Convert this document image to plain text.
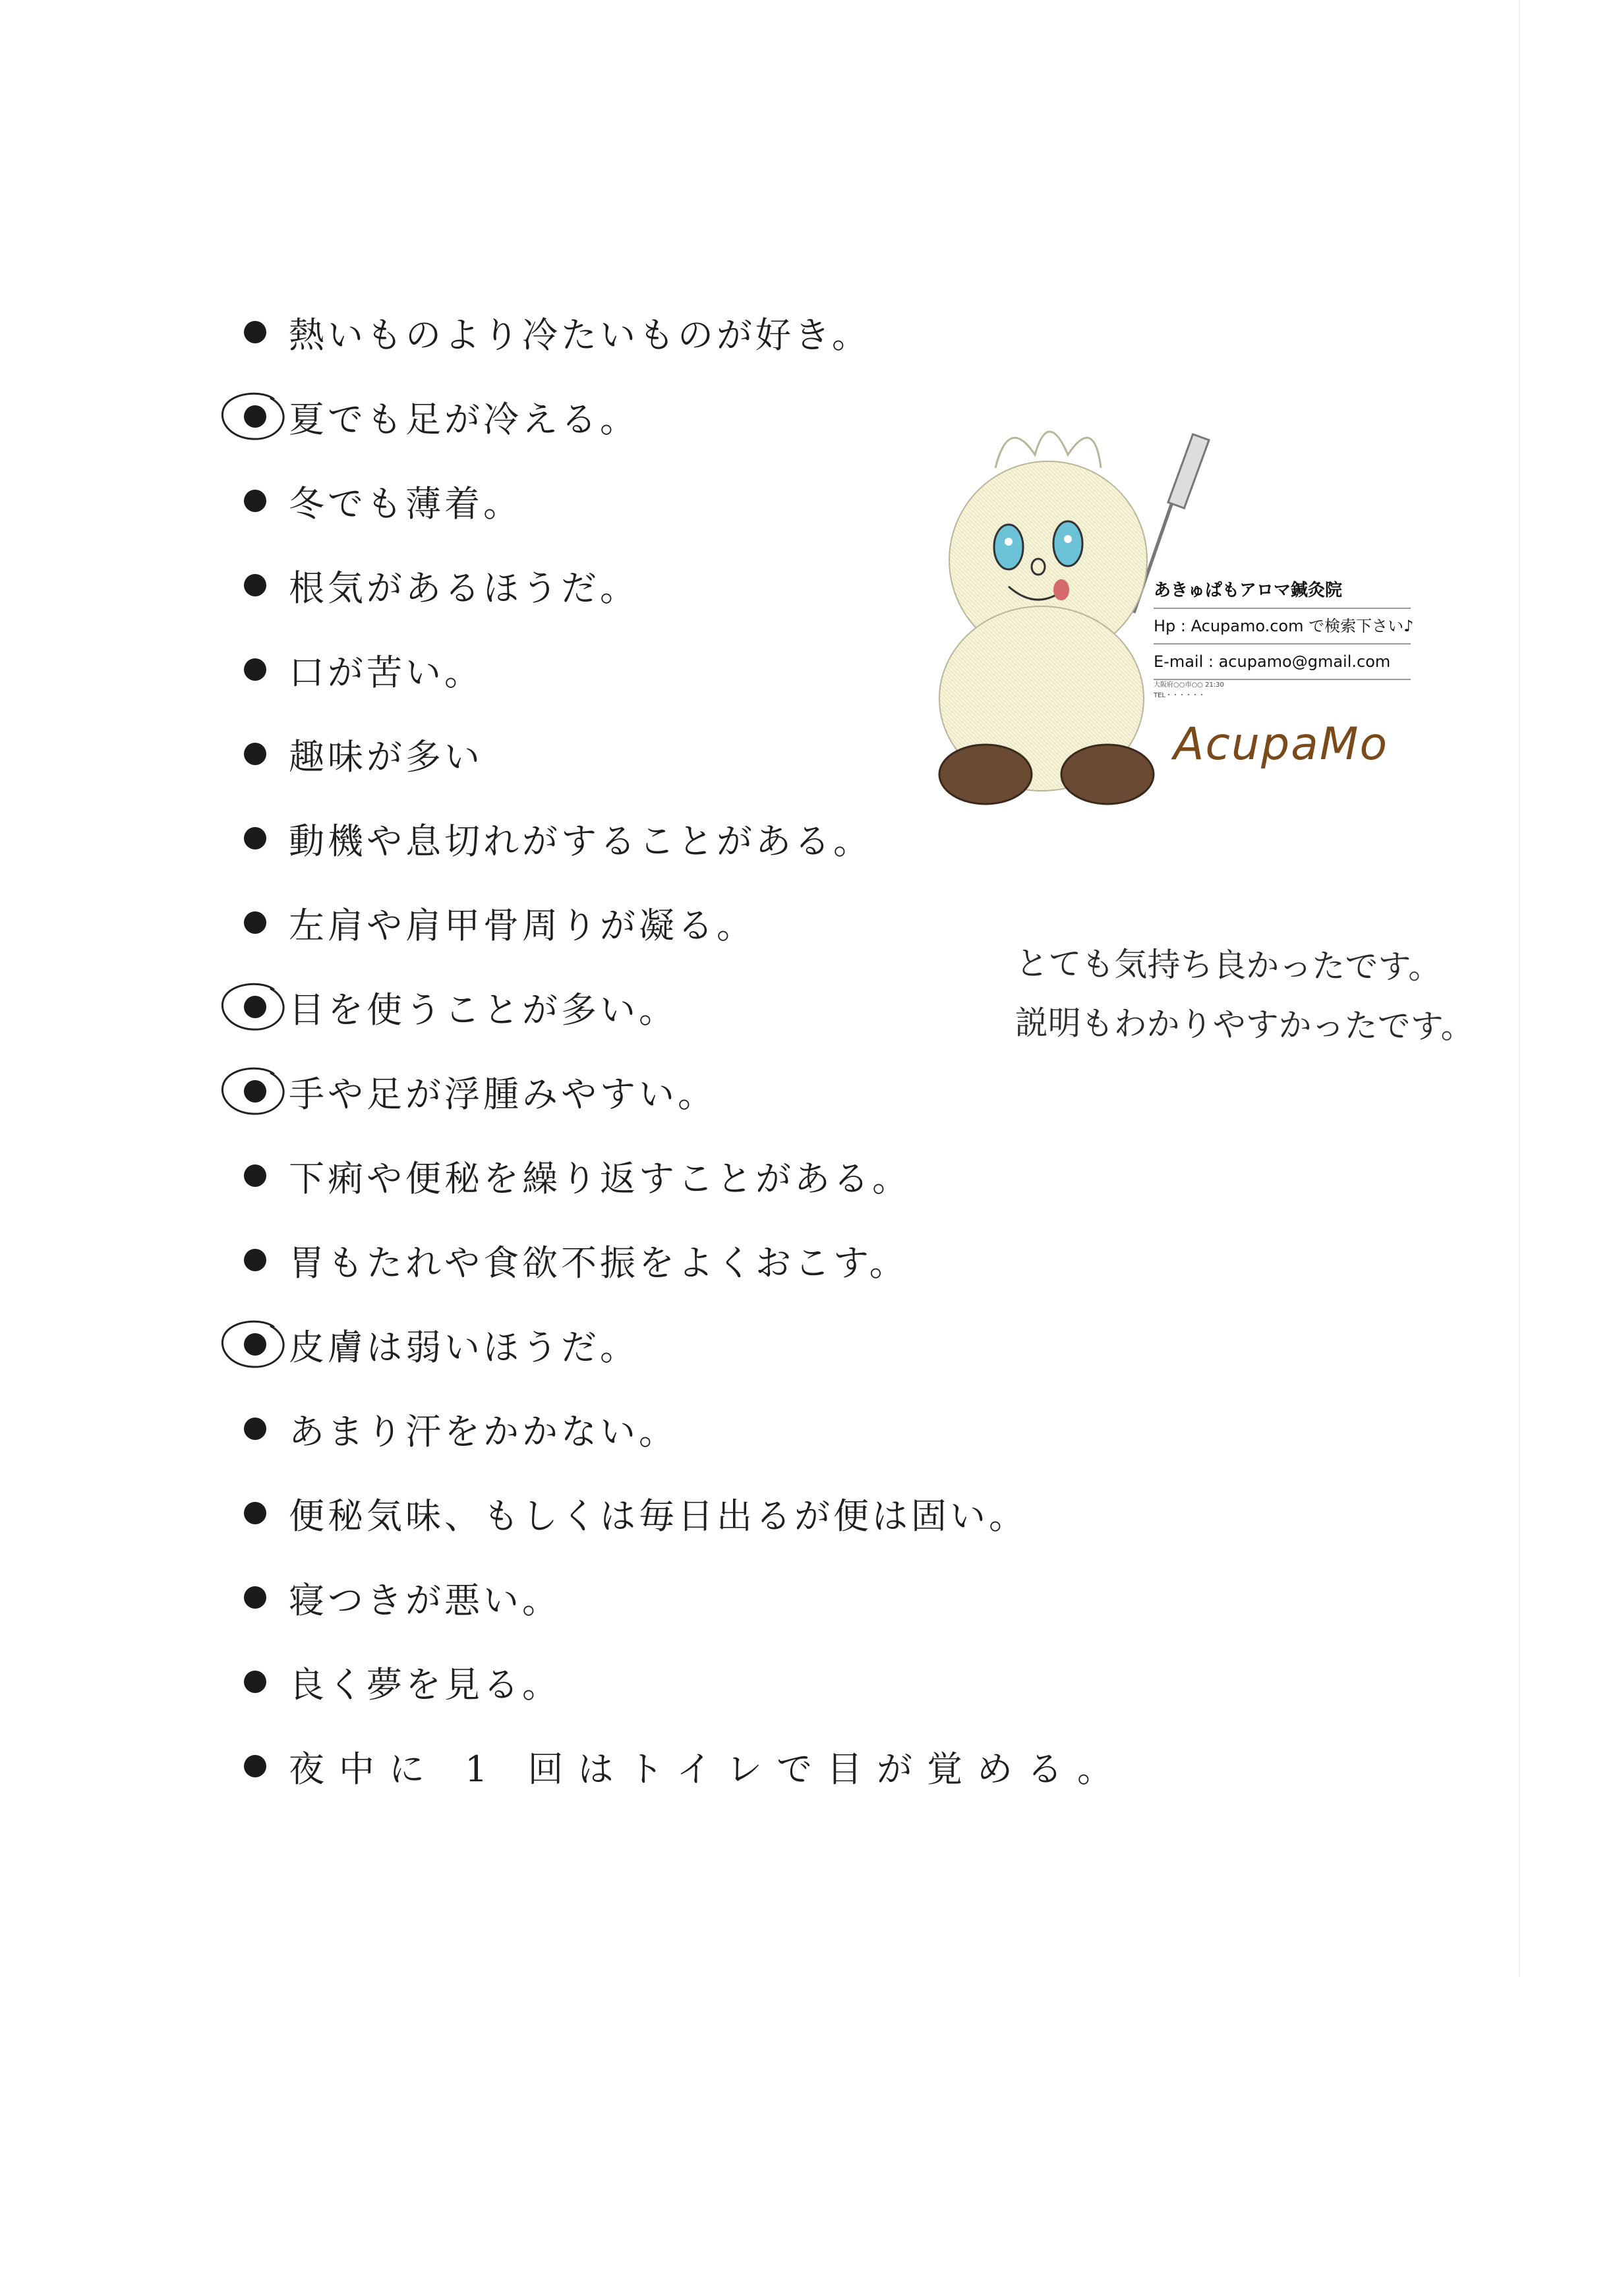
熱いものより冷たいものが好き。
夏でも足が冷える。
冬でも薄着。
根気があるほうだ。
口が苦い。
趣味が多い
動機や息切れがすることがある。
左肩や肩甲骨周りが凝る。
目を使うことが多い。
手や足が浮腫みやすい。
下痢や便秘を繰り返すことがある。
胃もたれや食欲不振をよくおこす。
皮膚は弱いほうだ。
あまり汗をかかない。
便秘気味、もしくは毎日出るが便は固い。
寝つきが悪い。
良く夢を見る。
夜中に 1 回はトイレで目が覚める。
あきゅぱもアロマ鍼灸院
Hp : Acupamo.com で検索下さい♪
E-mail : acupamo@gmail.com
大阪府○○市○○ 21:30
TEL・・・・・・
AcupaMo
とても気持ち良かったです。
説明もわかりやすかったです。
